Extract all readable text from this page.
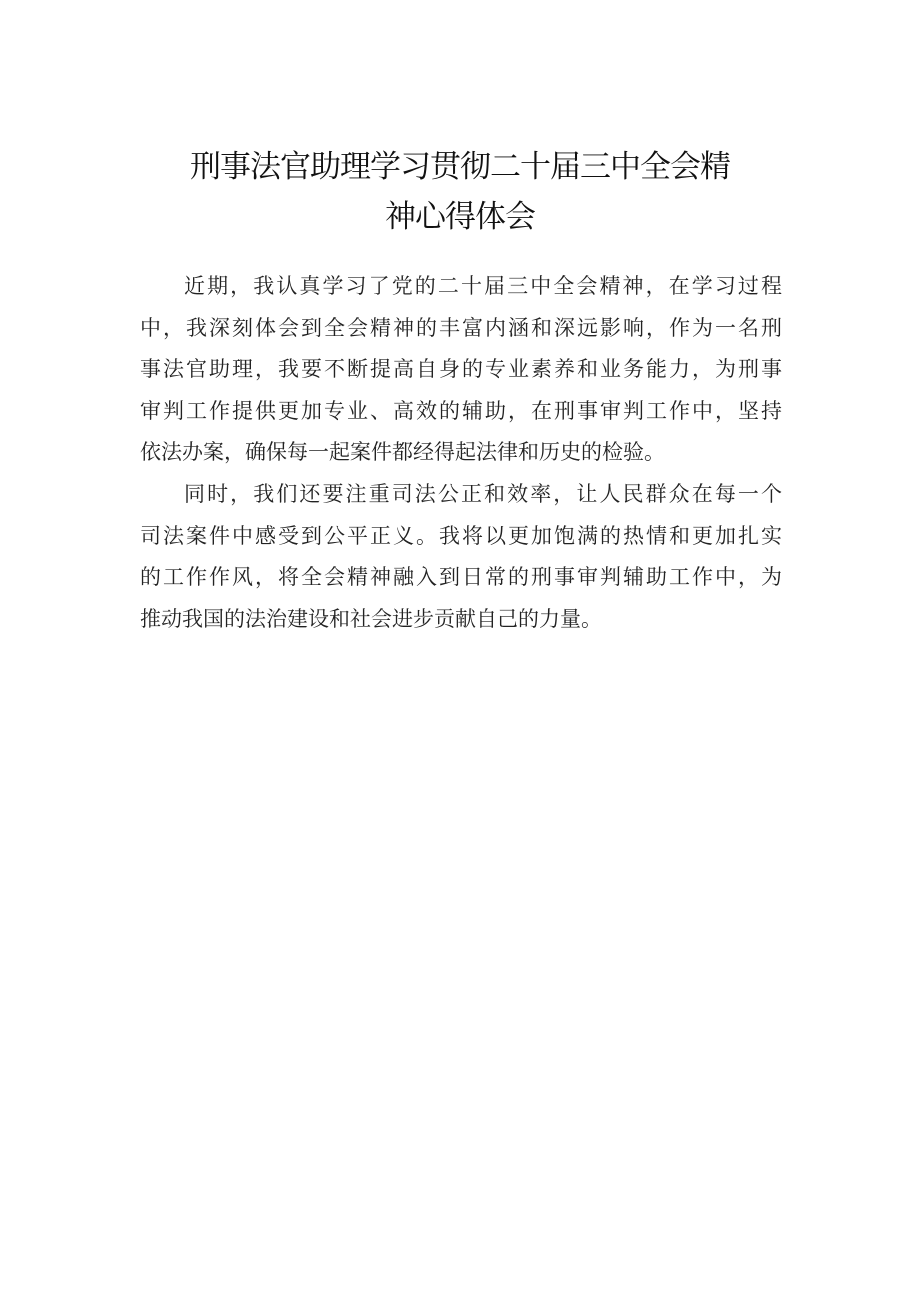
刑事法官助理学习贯彻二十届三中全会精
神心得体会
近期，我认真学习了党的二十届三中全会精神，在学习过程
中，我深刻体会到全会精神的丰富内涵和深远影响，作为一名刑
事法官助理，我要不断提高自身的专业素养和业务能力，为刑事
审判工作提供更加专业、高效的辅助，在刑事审判工作中，坚持
依法办案，确保每一起案件都经得起法律和历史的检验。
同时，我们还要注重司法公正和效率，让人民群众在每一个
司法案件中感受到公平正义。我将以更加饱满的热情和更加扎实
的工作作风，将全会精神融入到日常的刑事审判辅助工作中，为
推动我国的法治建设和社会进步贡献自己的力量。
